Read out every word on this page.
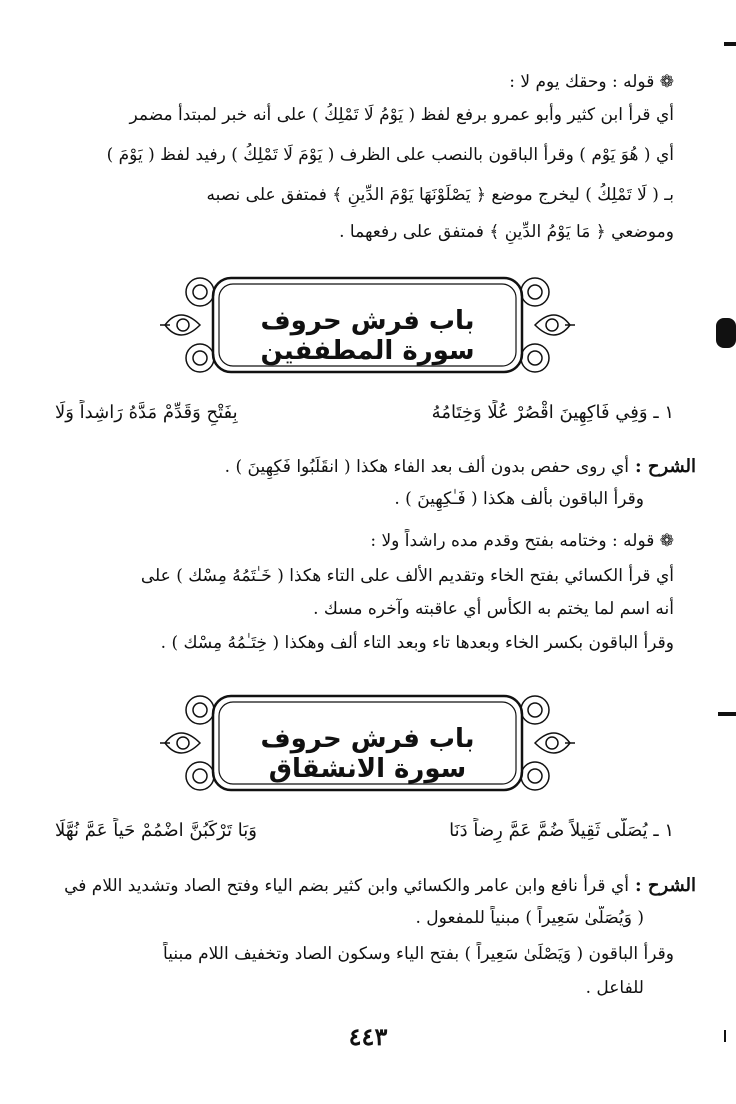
❁ قوله : وحقك يوم لا :
أي قرأ ابن كثير وأبو عمرو برفع لفظ ( يَوْمُ لَا تَمْلِكُ ) على أنه خبر لمبتدأ مضمر
أي ( هُوَ يَوْم ) وقرأ الباقون بالنصب على الظرف ( يَوْمَ لَا تَمْلِكُ ) رفيد لفظ ( يَوْمَ )
بـ ( لَا تَمْلِكُ ) ليخرج موضع ﴿ يَصْلَوْنَهَا يَوْمَ الدِّينِ ﴾ فمتفق على نصبه
وموضعي ﴿ مَا يَوْمُ الدِّينِ ﴾ فمتفق على رفعهما .
باب فرش حروف سورة المطففين
١ ـ وَفِي فَاكِهِينَ اقْصُرْ عُلًا وَخِتَامُهُ
بِفَتْحٍ وَقَدِّمْ مَدَّهُ رَاشِداً وَلَا
الشرح :أي روى حفص بدون ألف بعد الفاء هكذا ( انقَلَبُوا فَكِهِينَ ) .
وقرأ الباقون بألف هكذا ( فَـٰكِهِينَ ) .
❁ قوله : وختامه بفتح وقدم مده راشداً ولا :
أي قرأ الكسائي بفتح الخاء وتقديم الألف على التاء هكذا ( خَـٰتَمُهُ مِسْك ) على
أنه اسم لما يختم به الكأس أي عاقبته وآخره مسك .
وقرأ الباقون بكسر الخاء وبعدها تاء وبعد التاء ألف وهكذا ( خِتَـٰمُهُ مِسْك ) .
باب فرش حروف سورة الانشقاق
١ ـ يُصَلَّى ثَقِيلاً ضُمَّ عَمَّ رِضاً دَنَا
وَبَا تَرْكَبُنَّ اضْمُمْ حَياً عَمَّ نُهَّلَا
الشرح :أي قرأ نافع وابن عامر والكسائي وابن كثير بضم الياء وفتح الصاد وتشديد اللام في
( وَيُصَلَّىٰ سَعِيراً ) مبنياً للمفعول .
وقرأ الباقون ( وَيَصْلَىٰ سَعِيراً ) بفتح الياء وسكون الصاد وتخفيف اللام مبنياً
للفاعل .
٤٤٣
